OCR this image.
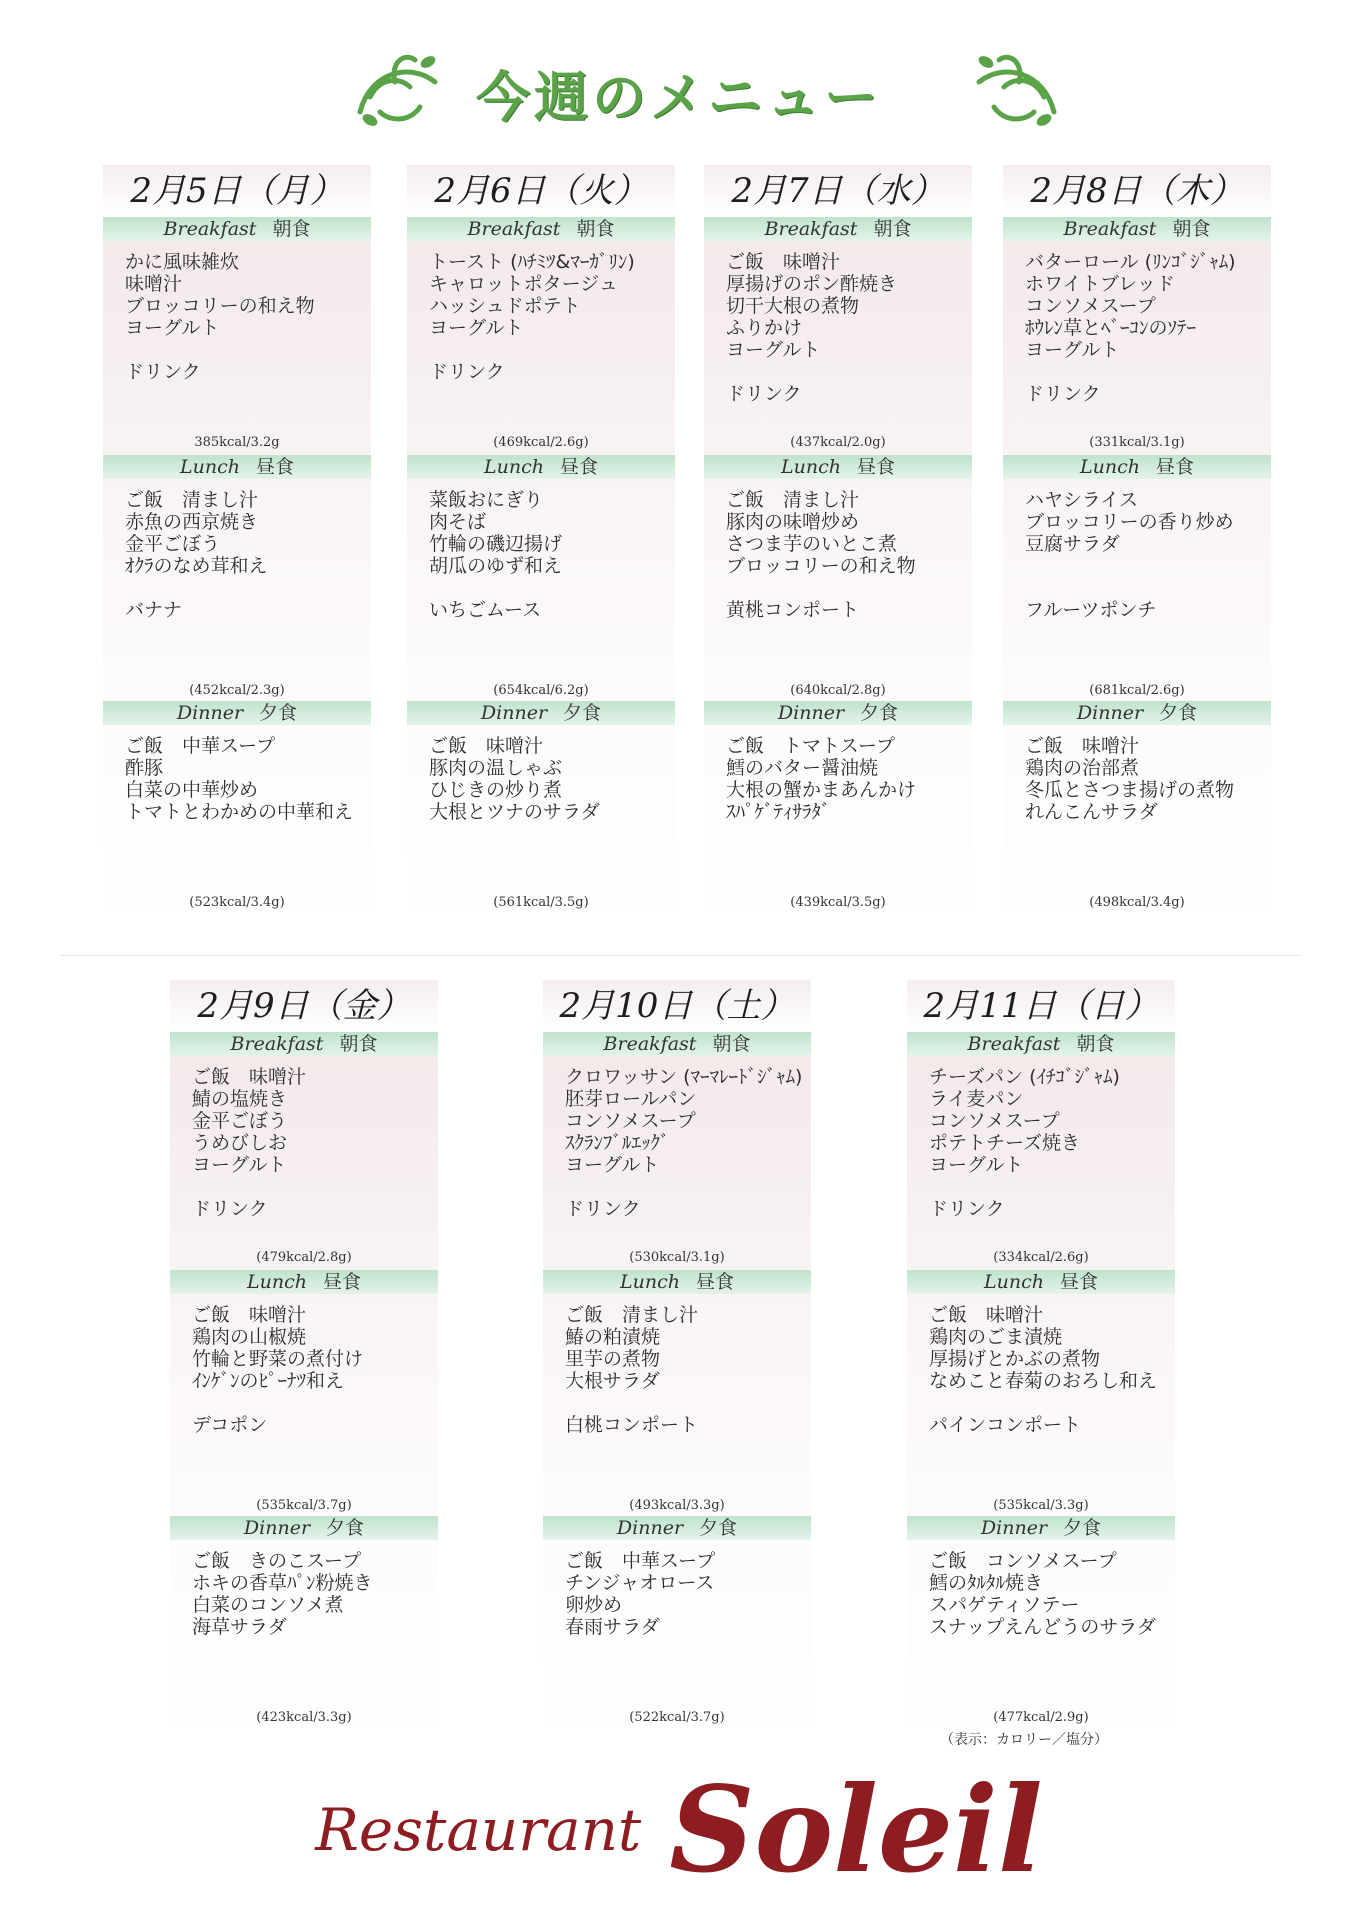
今週のメニュー
2月5日（月）
Breakfast 朝食
かに風味雑炊
味噌汁
ブロッコリーの和え物
ヨーグルト
ドリンク
385kcal/3.2g
Lunch 昼食
ご飯　清まし汁
赤魚の西京焼き
金平ごぼう
ｵｸﾗのなめ茸和え
バナナ
(452kcal/2.3g)
Dinner 夕食
ご飯　中華スープ
酢豚
白菜の中華炒め
トマトとわかめの中華和え
(523kcal/3.4g)
2月6日（火）
Breakfast 朝食
トースト (ﾊﾁﾐﾂ&ﾏｰｶﾞﾘﾝ)
キャロットポタージュ
ハッシュドポテト
ヨーグルト
ドリンク
(469kcal/2.6g)
Lunch 昼食
菜飯おにぎり
肉そば
竹輪の磯辺揚げ
胡瓜のゆず和え
いちごムース
(654kcal/6.2g)
Dinner 夕食
ご飯　味噌汁
豚肉の温しゃぶ
ひじきの炒り煮
大根とツナのサラダ
(561kcal/3.5g)
2月7日（水）
Breakfast 朝食
ご飯　味噌汁
厚揚げのポン酢焼き
切干大根の煮物
ふりかけ
ヨーグルト
ドリンク
(437kcal/2.0g)
Lunch 昼食
ご飯　清まし汁
豚肉の味噌炒め
さつま芋のいとこ煮
ブロッコリーの和え物
黄桃コンポート
(640kcal/2.8g)
Dinner 夕食
ご飯　トマトスープ
鱈のバター醤油焼
大根の蟹かまあんかけ
ｽﾊﾟｹﾞﾃｨｻﾗﾀﾞ
(439kcal/3.5g)
2月8日（木）
Breakfast 朝食
バターロール (ﾘﾝｺﾞｼﾞｬﾑ)
ホワイトブレッド
コンソメスープ
ﾎｳﾚﾝ草とﾍﾞｰｺﾝのｿﾃｰ
ヨーグルト
ドリンク
(331kcal/3.1g)
Lunch 昼食
ハヤシライス
ブロッコリーの香り炒め
豆腐サラダ
フルーツポンチ
(681kcal/2.6g)
Dinner 夕食
ご飯　味噌汁
鶏肉の治部煮
冬瓜とさつま揚げの煮物
れんこんサラダ
(498kcal/3.4g)
2月9日（金）
Breakfast 朝食
ご飯　味噌汁
鯖の塩焼き
金平ごぼう
うめびしお
ヨーグルト
ドリンク
(479kcal/2.8g)
Lunch 昼食
ご飯　味噌汁
鶏肉の山椒焼
竹輪と野菜の煮付け
ｲﾝｹﾞﾝのﾋﾟｰﾅﾂ和え
デコポン
(535kcal/3.7g)
Dinner 夕食
ご飯　きのこスープ
ホキの香草ﾊﾟﾝ粉焼き
白菜のコンソメ煮
海草サラダ
(423kcal/3.3g)
2月10日（土）
Breakfast 朝食
クロワッサン (ﾏｰﾏﾚｰﾄﾞｼﾞｬﾑ)
胚芽ロールパン
コンソメスープ
ｽｸﾗﾝﾌﾞﾙｴｯｸﾞ
ヨーグルト
ドリンク
(530kcal/3.1g)
Lunch 昼食
ご飯　清まし汁
鰆の粕漬焼
里芋の煮物
大根サラダ
白桃コンポート
(493kcal/3.3g)
Dinner 夕食
ご飯　中華スープ
チンジャオロース
卵炒め
春雨サラダ
(522kcal/3.7g)
2月11日（日）
Breakfast 朝食
チーズパン (ｲﾁｺﾞｼﾞｬﾑ)
ライ麦パン
コンソメスープ
ポテトチーズ焼き
ヨーグルト
ドリンク
(334kcal/2.6g)
Lunch 昼食
ご飯　味噌汁
鶏肉のごま漬焼
厚揚げとかぶの煮物
なめこと春菊のおろし和え
パインコンポート
(535kcal/3.3g)
Dinner 夕食
ご飯　コンソメスープ
鱈のﾀﾙﾀﾙ焼き
スパゲティソテー
スナップえんどうのサラダ
(477kcal/2.9g)
（表示：カロリー／塩分）
Restaurant Soleil
